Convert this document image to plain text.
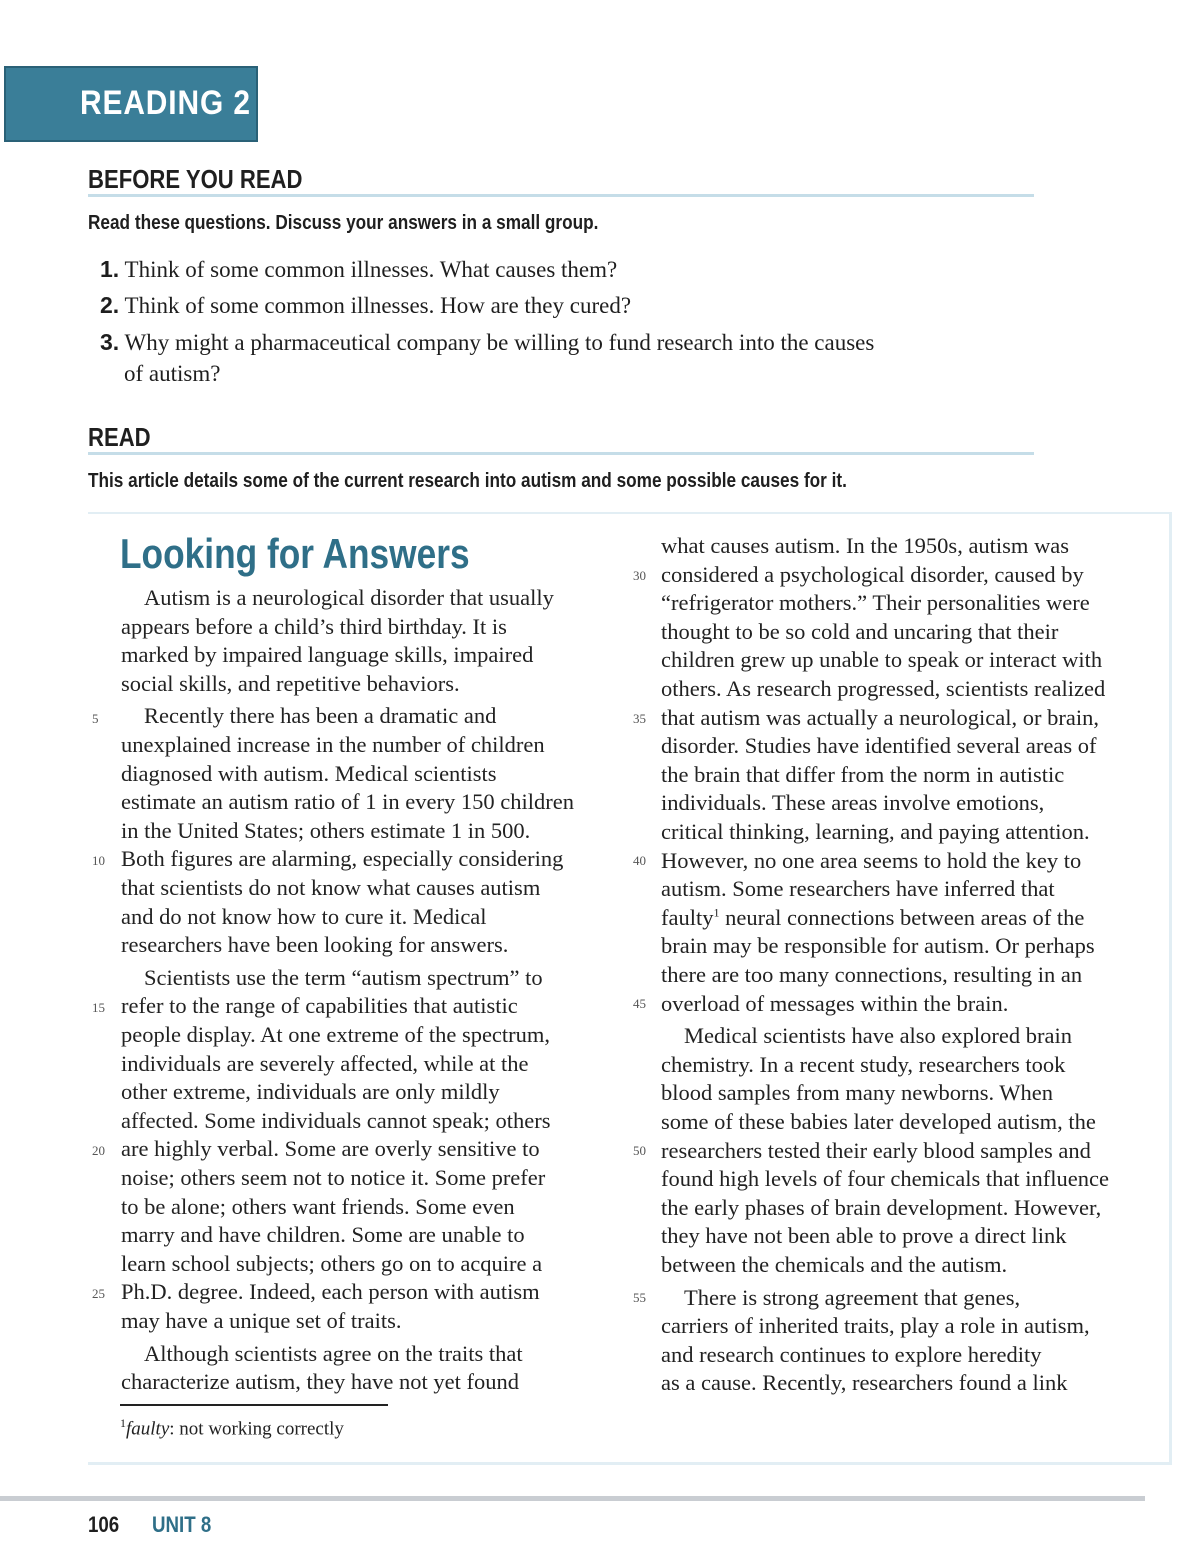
READING 2
BEFORE YOU READ
Read these questions. Discuss your answers in a small group.
1. Think of some common illnesses. What causes them?
2. Think of some common illnesses. How are they cured?
3. Why might a pharmaceutical company be willing to fund research into the causes
of autism?
READ
This article details some of the current research into autism and some possible causes for it.
Looking for Answers
Autism is a neurological disorder that usually
appears before a child’s third birthday. It is
marked by impaired language skills, impaired
social skills, and repetitive behaviors.
Recently there has been a dramatic and
unexplained increase in the number of children
diagnosed with autism. Medical scientists
estimate an autism ratio of 1 in every 150 children
in the United States; others estimate 1 in 500.
Both figures are alarming, especially considering
that scientists do not know what causes autism
and do not know how to cure it. Medical
researchers have been looking for answers.
Scientists use the term “autism spectrum” to
refer to the range of capabilities that autistic
people display. At one extreme of the spectrum,
individuals are severely affected, while at the
other extreme, individuals are only mildly
affected. Some individuals cannot speak; others
are highly verbal. Some are overly sensitive to
noise; others seem not to notice it. Some prefer
to be alone; others want friends. Some even
marry and have children. Some are unable to
learn school subjects; others go on to acquire a
Ph.D. degree. Indeed, each person with autism
may have a unique set of traits.
Although scientists agree on the traits that
characterize autism, they have not yet found
what causes autism. In the 1950s, autism was
considered a psychological disorder, caused by
“refrigerator mothers.” Their personalities were
thought to be so cold and uncaring that their
children grew up unable to speak or interact with
others. As research progressed, scientists realized
that autism was actually a neurological, or brain,
disorder. Studies have identified several areas of
the brain that differ from the norm in autistic
individuals. These areas involve emotions,
critical thinking, learning, and paying attention.
However, no one area seems to hold the key to
autism. Some researchers have inferred that
faulty$^1$ neural connections between areas of the
brain may be responsible for autism. Or perhaps
there are too many connections, resulting in an
overload of messages within the brain.
Medical scientists have also explored brain
chemistry. In a recent study, researchers took
blood samples from many newborns. When
some of these babies later developed autism, the
researchers tested their early blood samples and
found high levels of four chemicals that influence
the early phases of brain development. However,
they have not been able to prove a direct link
between the chemicals and the autism.
There is strong agreement that genes,
carriers of inherited traits, play a role in autism,
and research continues to explore heredity
as a cause. Recently, researchers found a link
5
10
15
20
25
30
35
40
45
50
55
$^1$faulty: not working correctly
106 UNIT 8
